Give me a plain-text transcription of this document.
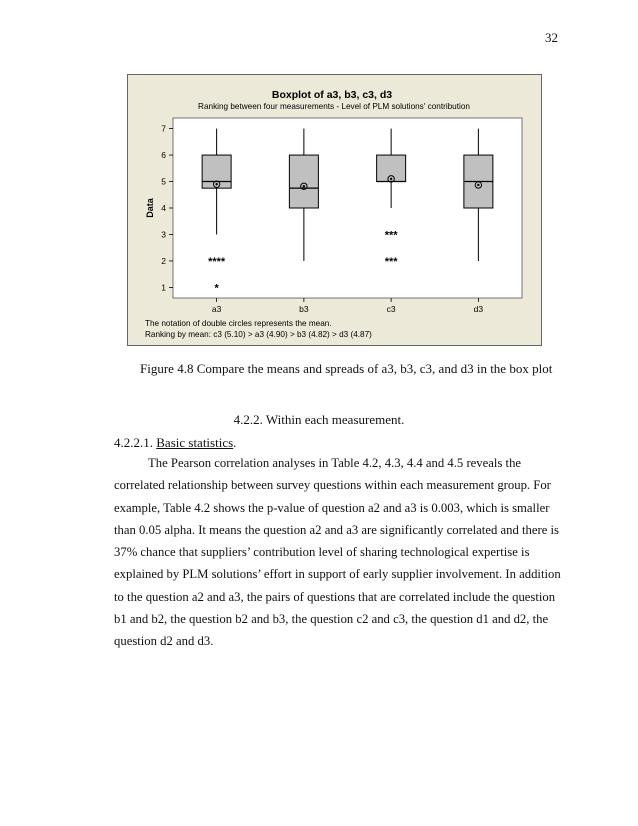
32
Boxplot of a3, b3, c3, d3
Ranking between four measurements - Level of PLM solutions' contribution
Data
1
2
3
4
5
6
7
a3	b3	c3	d3
****
*
***
***
The notation of double circles represents the mean.
Ranking by mean: c3 (5.10) > a3 (4.90) > b3 (4.82) > d3 (4.87)
Figure 4.8 Compare the means and spreads of a3, b3, c3, and d3 in the box plot
4.2.2. Within each measurement.
4.2.2.1. Basic statistics.
The Pearson correlation analyses in Table 4.2, 4.3, 4.4 and 4.5 reveals the
correlated relationship between survey questions within each measurement group. For
example, Table 4.2 shows the p-value of question a2 and a3 is 0.003, which is smaller
than 0.05 alpha. It means the question a2 and a3 are significantly correlated and there is
37% chance that suppliers’ contribution level of sharing technological expertise is
explained by PLM solutions’ effort in support of early supplier involvement. In addition
to the question a2 and a3, the pairs of questions that are correlated include the question
b1 and b2, the question b2 and b3, the question c2 and c3, the question d1 and d2, the
question d2 and d3.
